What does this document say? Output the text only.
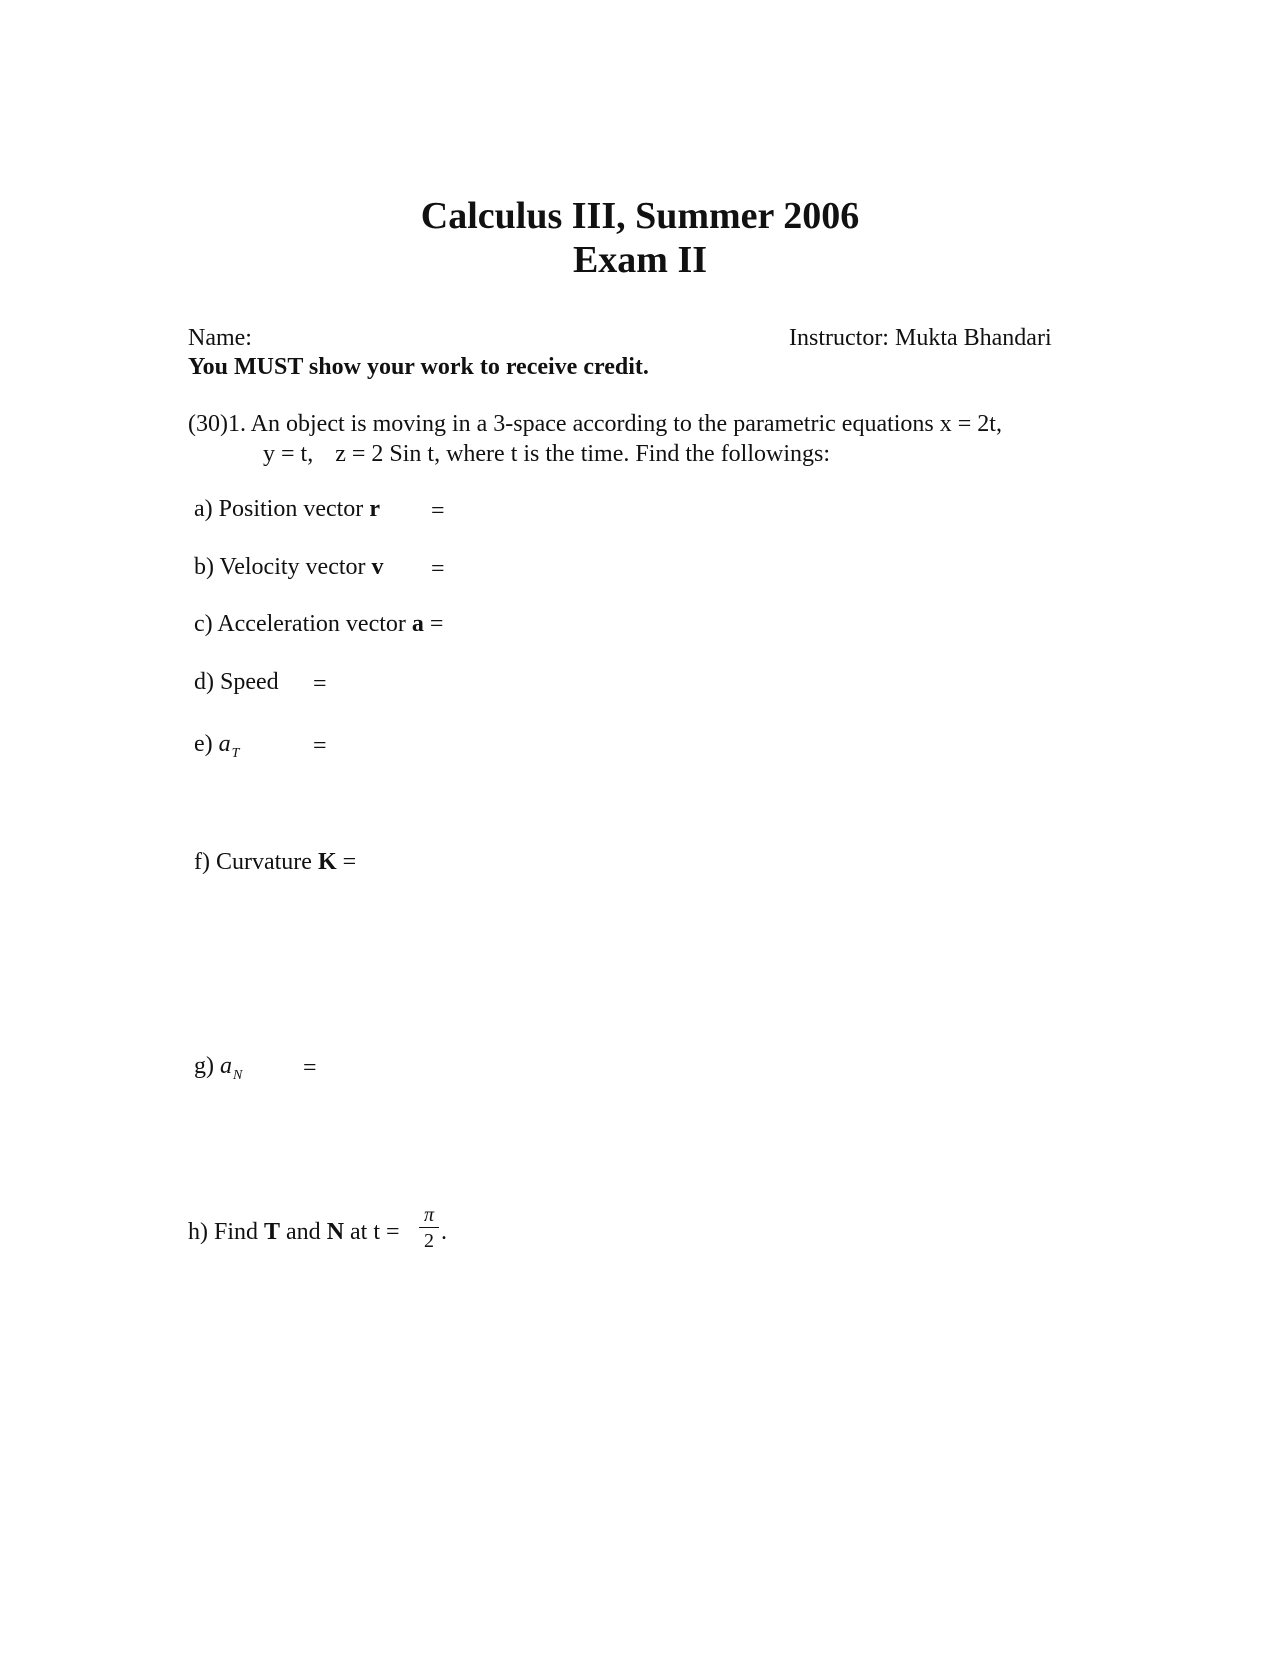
Calculus III, Summer 2006
Exam II
Name:	Instructor: Mukta Bhandari
You MUST show your work to receive credit.
(30)1. An object is moving in a 3-space according to the parametric equations x = 2t,
y = t, z = 2 Sin t, where t is the time. Find the followings:
a) Position vector r =
b) Velocity vector v =
c) Acceleration vector a =
d) Speed =
e) $a_T$	=
f) Curvature K =
g) $a_N$	=
h) Find T and N at $t = \frac{\pi}{2}$ .
